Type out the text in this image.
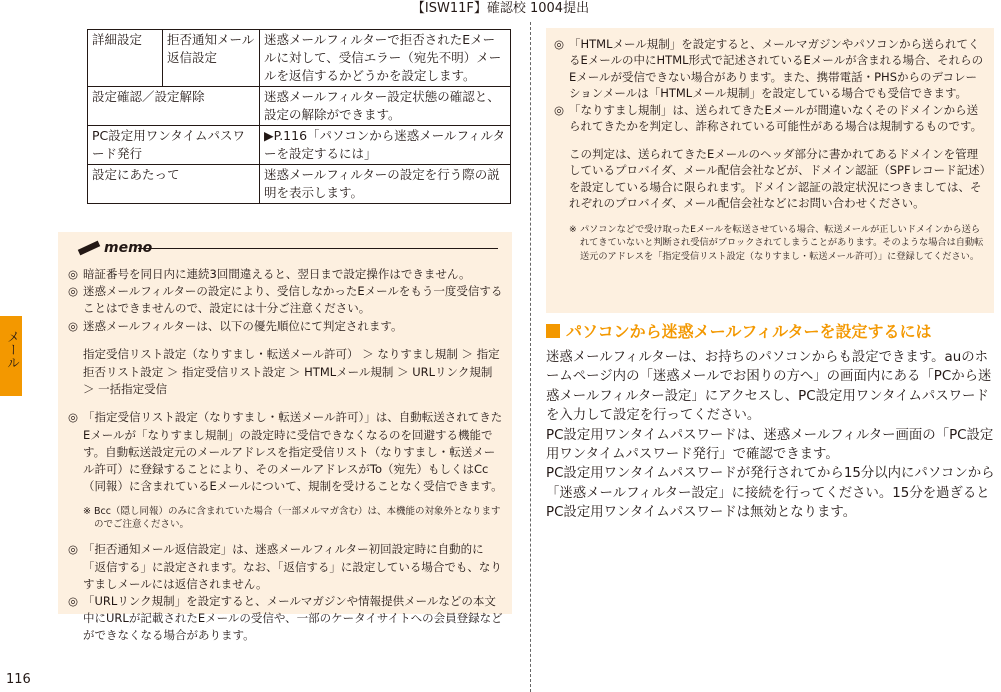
【ISW11F】確認校 1004提出
メール
116
詳細設定	拒否通知メール返信設定	迷惑メールフィルターで拒否されたEメールに対して、受信エラー（宛先不明）メールを返信するかどうかを設定します。
設定確認／設定解除		迷惑メールフィルター設定状態の確認と、設定の解除ができます。
PC設定用ワンタイムパスワード発行		▶P.116「パソコンから迷惑メールフィルターを設定するには」
設定にあたって		迷惑メールフィルターの設定を行う際の説明を表示します。
memo

◎ 暗証番号を同日内に連続3回間違えると、翌日まで設定操作はできません。

◎ 迷惑メールフィルターの設定により、受信しなかったEメールをもう一度受信することはできませんので、設定には十分ご注意ください。

◎ 迷惑メールフィルターは、以下の優先順位にて判定されます。

指定受信リスト設定（なりすまし・転送メール許可） ＞ なりすまし規制 ＞ 指定拒否リスト設定 ＞ 指定受信リスト設定 ＞ HTMLメール規制 ＞ URLリンク規制 ＞ 一括指定受信

◎ 「指定受信リスト設定（なりすまし・転送メール許可）」は、自動転送されてきたEメールが「なりすまし規制」の設定時に受信できなくなるのを回避する機能です。自動転送設定元のメールアドレスを指定受信リスト（なりすまし・転送メール許可）に登録することにより、そのメールアドレスがTo（宛先）もしくはCc（同報）に含まれているEメールについて、規制を受けることなく受信できます。

※ Bcc（隠し同報）のみに含まれていた場合（一部メルマガ含む）は、本機能の対象外となりますのでご注意ください。

◎ 「拒否通知メール返信設定」は、迷惑メールフィルター初回設定時に自動的に「返信する」に設定されます。なお、「返信する」に設定している場合でも、なりすましメールには返信されません。

◎ 「URLリンク規制」を設定すると、メールマガジンや情報提供メールなどの本文中にURLが記載されたEメールの受信や、一部のケータイサイトへの会員登録などができなくなる場合があります。

◎ 「HTMLメール規制」を設定すると、メールマガジンやパソコンから送られてくるEメールの中にHTML形式で記述されているEメールが含まれる場合、それらのEメールが受信できない場合があります。また、携帯電話・PHSからのデコレーションメールは「HTMLメール規制」を設定している場合でも受信できます。

◎ 「なりすまし規制」は、送られてきたEメールが間違いなくそのドメインから送られてきたかを判定し、詐称されている可能性がある場合は規制するものです。

この判定は、送られてきたEメールのヘッダ部分に書かれてあるドメインを管理しているプロバイダ、メール配信会社などが、ドメイン認証（SPFレコード記述）を設定している場合に限られます。ドメイン認証の設定状況につきましては、それぞれのプロバイダ、メール配信会社などにお問い合わせください。

※ パソコンなどで受け取ったEメールを転送させている場合、転送メールが正しいドメインから送られてきていないと判断され受信がブロックされてしまうことがあります。そのような場合は自動転送元のアドレスを「指定受信リスト設定（なりすまし・転送メール許可）」に登録してください。

パソコンから迷惑メールフィルターを設定するには

迷惑メールフィルターは、お持ちのパソコンからも設定できます。auのホームページ内の「迷惑メールでお困りの方へ」の画面内にある「PCから迷惑メールフィルター設定」にアクセスし、PC設定用ワンタイムパスワードを入力して設定を行ってください。

PC設定用ワンタイムパスワードは、迷惑メールフィルター画面の「PC設定用ワンタイムパスワード発行」で確認できます。

PC設定用ワンタイムパスワードが発行されてから15分以内にパソコンから「迷惑メールフィルター設定」に接続を行ってください。15分を過ぎるとPC設定用ワンタイムパスワードは無効となります。
